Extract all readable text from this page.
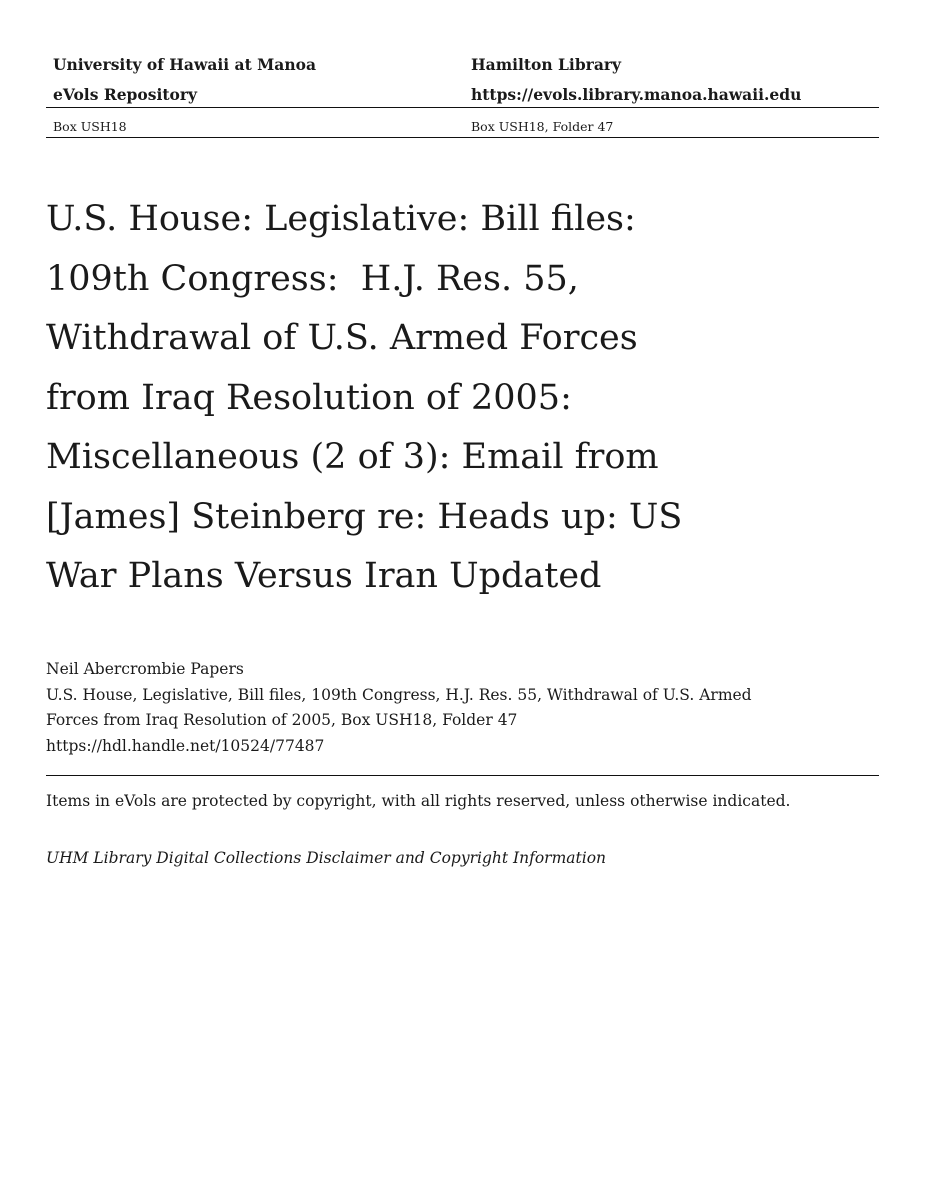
University of Hawaii at Manoa	Hamilton Library
eVols Repository	https://evols.library.manoa.hawaii.edu
Box USH18	Box USH18, Folder 47
U.S. House: Legislative: Bill files:
109th Congress:  H.J. Res. 55,
Withdrawal of U.S. Armed Forces
from Iraq Resolution of 2005:
Miscellaneous (2 of 3): Email from
[James] Steinberg re: Heads up: US
War Plans Versus Iran Updated
Neil Abercrombie Papers
U.S. House, Legislative, Bill files, 109th Congress, H.J. Res. 55, Withdrawal of U.S. Armed
Forces from Iraq Resolution of 2005, Box USH18, Folder 47
https://hdl.handle.net/10524/77487
Items in eVols are protected by copyright, with all rights reserved, unless otherwise indicated.
UHM Library Digital Collections Disclaimer and Copyright Information
